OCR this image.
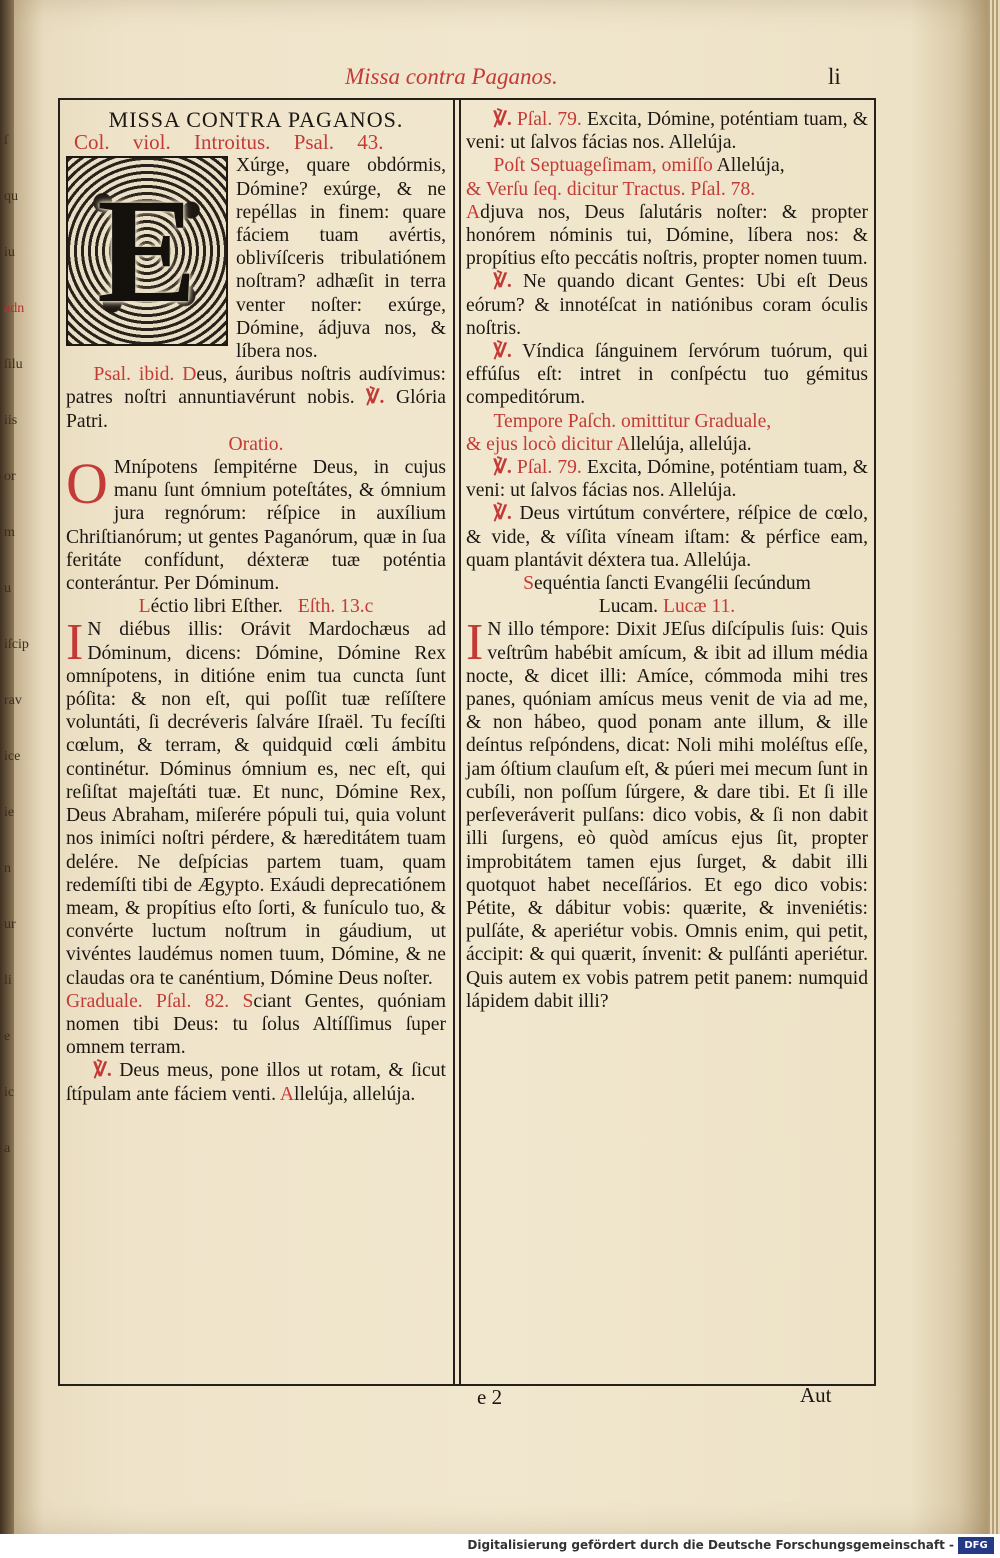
ſ
qu
iu
adn
ſilu
iis
or
m
u
iſcip
rav
ice
ie
n
ur
li
e
ic
a
Missa contra Paganos.	li

MISSA CONTRA PAGANOS.

Col. viol. Introitus. Psal. 43.

E
Xúrge, quare obdórmis, Dómine? exúrge, & ne repéllas in finem: quare fáciem tuam avértis, oblivíſceris tribulatiónem noſtram? adhæſit in terra venter noſter: exúrge, Dómine, ádjuva nos, & líbera nos.

Psal. ibid. Deus, áuribus noſtris audívimus: patres noſtri annuntiavérunt nobis. ℣. Glória Patri.

Oratio.

O Mnípotens ſempitérne Deus, in cujus manu ſunt ómnium poteſtátes, & ómnium jura regnórum: réſpice in auxílium Chriſtianórum; ut gentes Paganórum, quæ in ſua feritáte confídunt, déxteræ tuæ poténtia conterántur. Per Dóminum.

Léctio libri Eſther. Eſth. 13.c

I N diébus illis: Orávit Mardochæus ad Dóminum, dicens: Dómine, Dómine Rex omnípotens, in ditióne enim tua cuncta ſunt póſita: & non eſt, qui poſſit tuæ reſíſtere voluntáti, ſi decréveris ſalváre Iſraël. Tu fecíſti cœlum, & terram, & quidquid cœli ámbitu continétur. Dóminus ómnium es, nec eſt, qui reſiſtat majeſtáti tuæ. Et nunc, Dómine Rex, Deus Abraham, miſerére pópuli tui, quia volunt nos inimíci noſtri pérdere, & hæreditátem tuam delére. Ne deſpícias partem tuam, quam redemíſti tibi de Ægypto. Exáudi deprecatiónem meam, & propítius eſto ſorti, & funículo tuo, & convérte luctum noſtrum in gáudium, ut vivéntes laudémus nomen tuum, Dómine, & ne claudas ora te canéntium, Dómine Deus noſter.

Graduale. Pſal. 82. Sciant Gentes, quóniam nomen tibi Deus: tu ſolus Altíſſimus ſuper omnem terram.

℣. Deus meus, pone illos ut rotam, & ſicut ſtípulam ante fáciem venti. Allelúja, allelúja.

℣. Pſal. 79. Excita, Dómine, poténtiam tuam, & veni: ut ſalvos fácias nos. Allelúja.

Poſt Septuageſimam, omiſſo Allelúja,

& Verſu ſeq. dicitur Tractus. Pſal. 78.

Adjuva nos, Deus ſalutáris noſter: & propter honórem nóminis tui, Dómine, líbera nos: & propítius eſto peccátis noſtris, propter nomen tuum.

℣. Ne quando dicant Gentes: Ubi eſt Deus eórum? & innotéſcat in natiónibus coram óculis noſtris.

℣. Víndica ſánguinem ſervórum tuórum, qui effúſus eſt: intret in conſpéctu tuo gémitus compeditórum.

Tempore Paſch. omittitur Graduale,

& ejus locò dicitur Allelúja, allelúja.

℣. Pſal. 79. Excita, Dómine, poténtiam tuam, & veni: ut ſalvos fácias nos. Allelúja.

℣. Deus virtútum convértere, réſpice de cœlo, & vide, & víſita víneam iſtam: & pérfice eam, quam plantávit déxtera tua. Allelúja.

Sequéntia ſancti Evangélii ſecúndum

Lucam. Lucæ 11.

I N illo témpore: Dixit JEſus diſcípulis ſuis: Quis veſtrûm habébit amícum, & ibit ad illum média nocte, & dicet illi: Amíce, cómmoda mihi tres panes, quóniam amícus meus venit de via ad me, & non hábeo, quod ponam ante illum, & ille deíntus reſpóndens, dicat: Noli mihi moléſtus eſſe, jam óſtium clauſum eſt, & púeri mei mecum ſunt in cubíli, non poſſum ſúrgere, & dare tibi. Et ſi ille perſeveráverit pulſans: dico vobis, & ſi non dabit illi ſurgens, eò quòd amícus ejus ſit, propter improbitátem tamen ejus ſurget, & dabit illi quotquot habet neceſſários. Et ego dico vobis: Pétite, & dábitur vobis: quærite, & inveniétis: pulſáte, & aperiétur vobis. Omnis enim, qui petit, áccipit: & qui quærit, ínvenit: & pulſánti aperiétur. Quis autem ex vobis patrem petit panem: numquid lápidem dabit illi?

e 2	Aut
Digitalisierung gefördert durch die Deutsche Forschungsgemeinschaft -	DFG
